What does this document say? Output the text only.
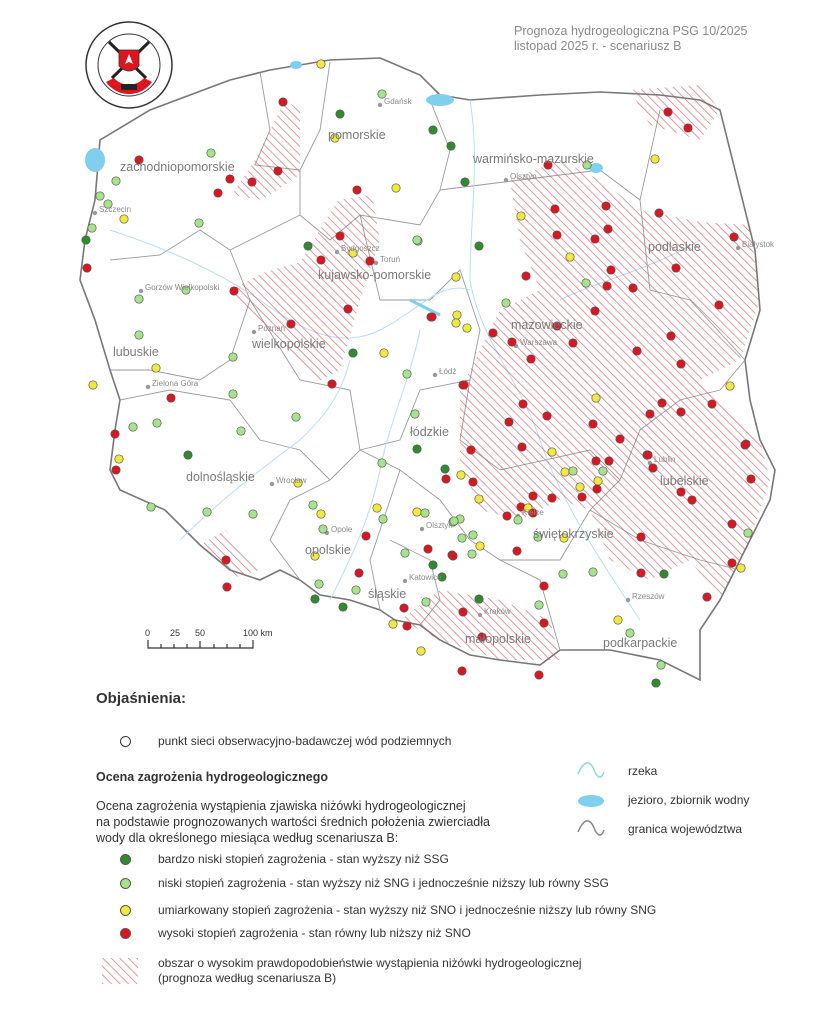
zachodniopomorskie
pomorskie
warmińsko-mazurskie
podlaskie
kujawsko-pomorskie
lubuskie
wielkopolskie
mazowieckie
łódzkie
lubelskie
dolnośląskie
opolskie
świętokrzyskie
śląskie
małopolskie	podkarpackie
Szczecin
Gdańsk
Olsztyn
Białystok
Bydgoszcz
Toruń
Gorzów Wielkopolski
Poznań
Warszawa
Zielona Góra
Łódź
Lublin
Wrocław
Opole	Olsztyn
Kielce
Katowice
Kraków
Rzeszów
0 25 50	100 km
Prognoza hydrogeologiczna PSG 10/2025
listopad 2025 r. - scenariusz B
Objaśnienia:
punkt sieci obserwacyjno-badawczej wód podziemnych
Ocena zagrożenia hydrogeologicznego
Ocena zagrożenia wystąpienia zjawiska niżówki hydrogeologicznej
na podstawie prognozowanych wartości średnich położenia zwierciadła
wody dla określonego miesiąca według scenariusza B:
bardzo niski stopień zagrożenia - stan wyższy niż SSG
niski stopień zagrożenia - stan wyższy niż SNG i jednocześnie niższy lub równy SSG
umiarkowany stopień zagrożenia - stan wyższy niż SNO i jednocześnie niższy lub równy SNG
wysoki stopień zagrożenia - stan równy lub niższy niż SNO
obszar o wysokim prawdopodobieństwie wystąpienia niżówki hydrogeologicznej
(prognoza według scenariusza B)
rzeka
jezioro, zbiornik wodny
granica województwa
